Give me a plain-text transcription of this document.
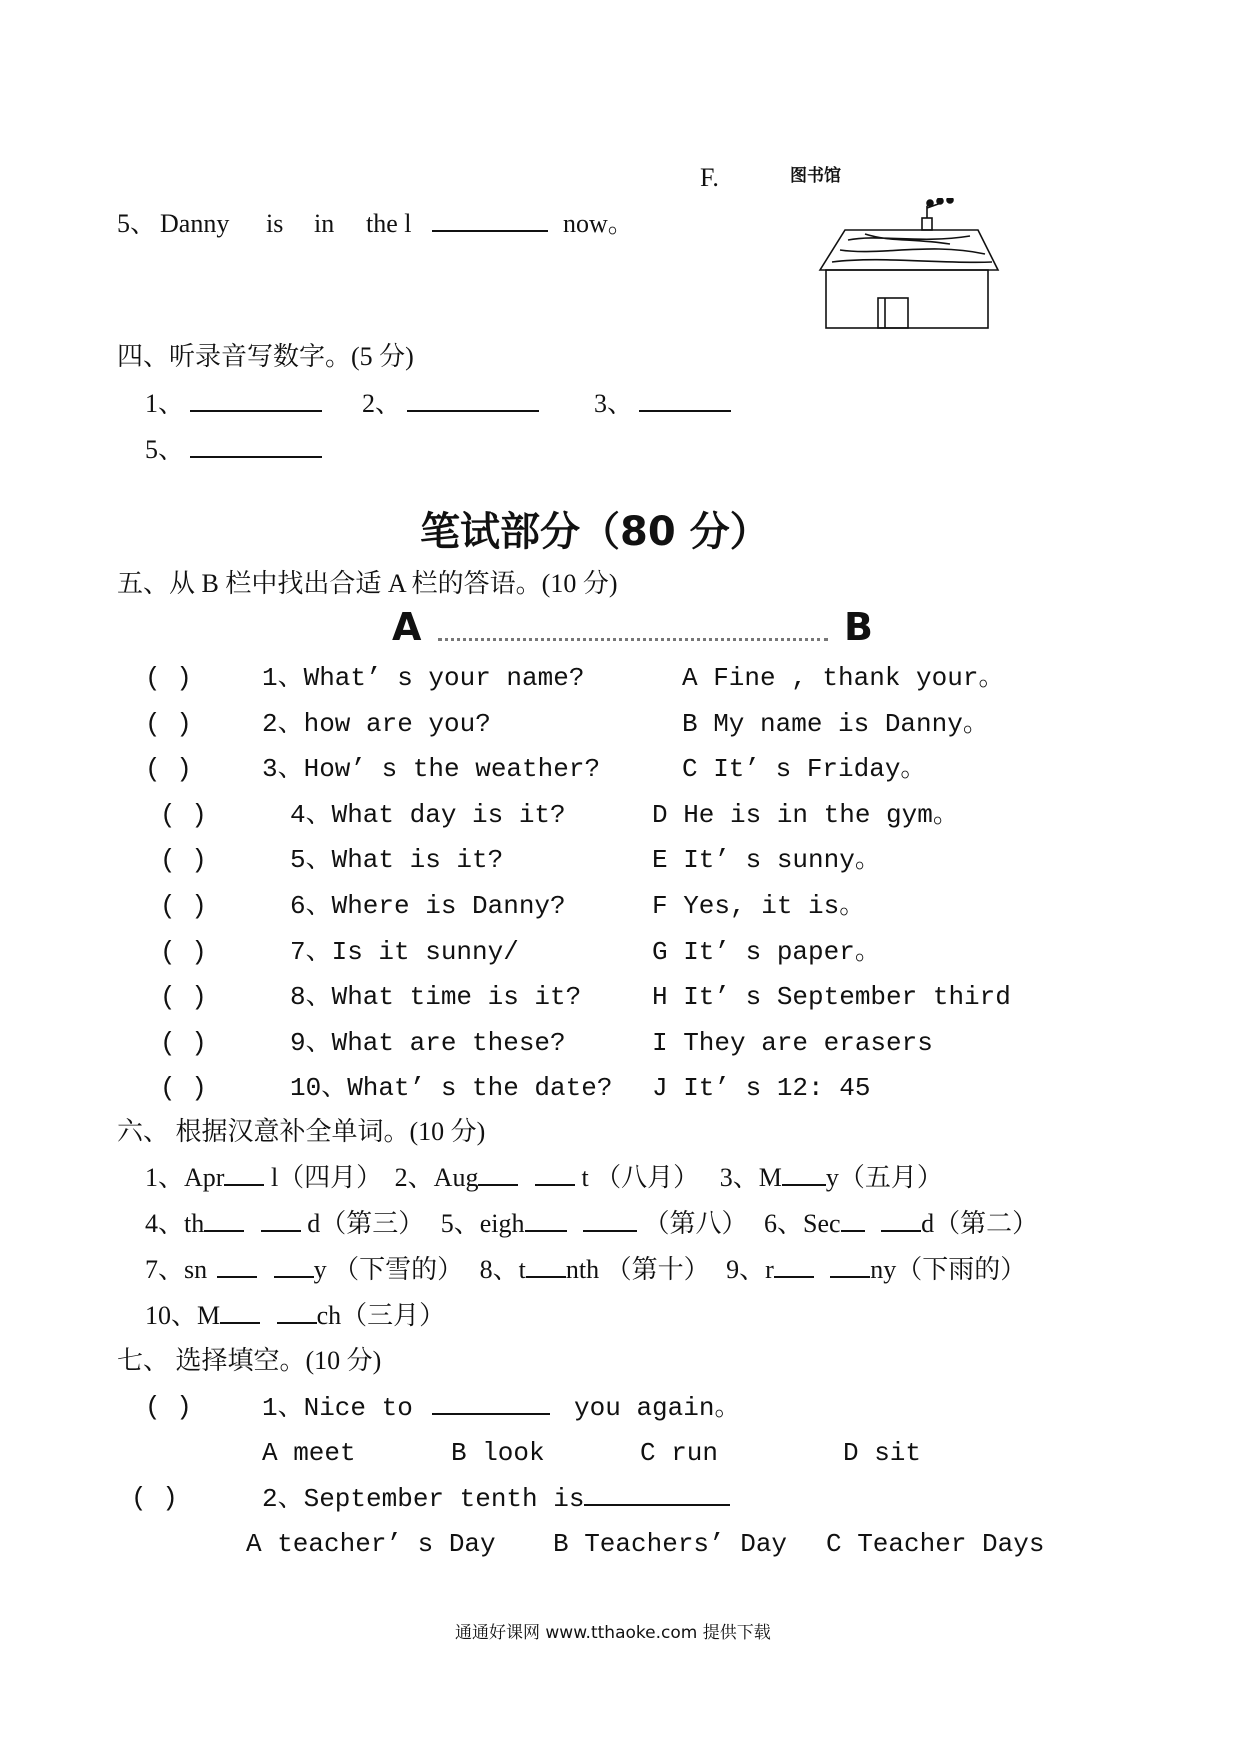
F.	图书馆
5、 Danny is in the l	now。
四、听录音写数字。(5 分)
1、	2、	3、
5、
笔试部分（80 分）
五、从 B 栏中找出合适 A 栏的答语。(10 分)
A	B
( )	1、What’ s your name?	A Fine , thank your。
( )	2、how are you?	B My name is Danny。
( )	3、How’ s the weather?	C It’ s Friday。
( )	4、What day is it?	D He is in the gym。
( )	5、What is it?	E It’ s sunny。
( )	6、Where is Danny?	F Yes, it is。
( )	7、Is it sunny/	G It’ s paper。
( )	8、What time is it?	H It’ s September third
( )	9、What are these?	I They are erasers
( )	10、What’ s the date? J It’ s 12: 45
六、 根据汉意补全单词。(10 分)
1、Apr l（四月） 2、Aug	t （八月） 3、M y（五月）
4、th	d（第三） 5、eigh	（第八） 6、Sec	d（第二）
7、sn	y （下雪的） 8、t nth （第十） 9、r	ny（下雨的）
10、M	ch（三月）
七、 选择填空。(10 分)
( )	1、Nice to	you again。
A meet	B look	C run	D sit
( )	2、September tenth is
A teacher’ s Day B Teachers’ Day C Teacher Days
通通好课网 www.tthaoke.com 提供下载
